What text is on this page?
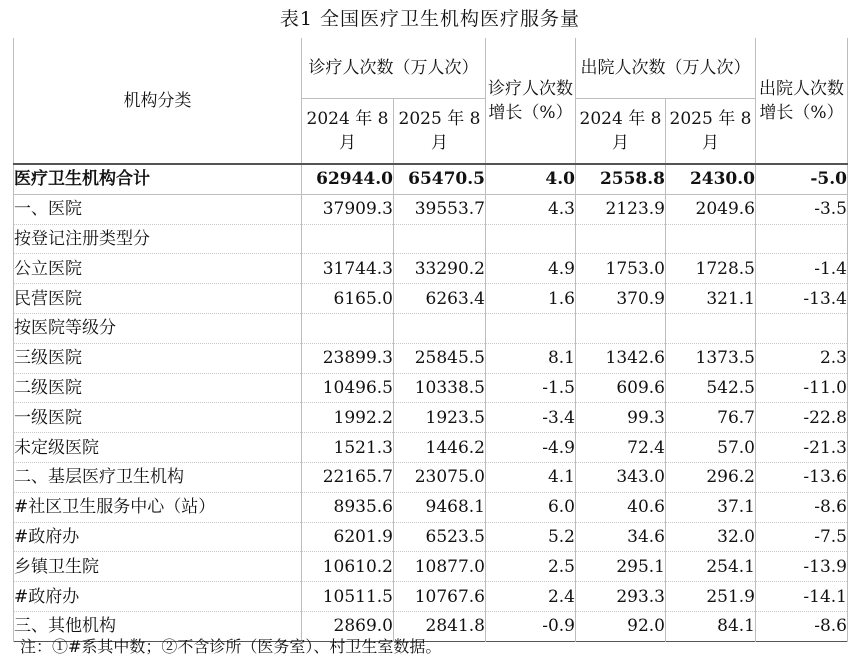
表1 全国医疗卫生机构医疗服务量
机构分类	诊疗人次数（万人次）		诊疗人次数增长（%）	出院人次数（万人次）		出院人次数增长（%）
	2024 年 8 月	2025 年 8 月		2024 年 8 月	2025 年 8 月	
医疗卫生机构合计	62944.0	65470.5	4.0	2558.8	2430.0	-5.0
一、医院	37909.3	39553.7	4.3	2123.9	2049.6	-3.5
按登记注册类型分						
公立医院	31744.3	33290.2	4.9	1753.0	1728.5	-1.4
民营医院	6165.0	6263.4	1.6	370.9	321.1	-13.4
按医院等级分						
三级医院	23899.3	25845.5	8.1	1342.6	1373.5	2.3
二级医院	10496.5	10338.5	-1.5	609.6	542.5	-11.0
一级医院	1992.2	1923.5	-3.4	99.3	76.7	-22.8
未定级医院	1521.3	1446.2	-4.9	72.4	57.0	-21.3
二、基层医疗卫生机构	22165.7	23075.0	4.1	343.0	296.2	-13.6
#社区卫生服务中心（站）	8935.6	9468.1	6.0	40.6	37.1	-8.6
#政府办	6201.9	6523.5	5.2	34.6	32.0	-7.5
乡镇卫生院	10610.2	10877.0	2.5	295.1	254.1	-13.9
#政府办	10511.5	10767.6	2.4	293.3	251.9	-14.1
三、其他机构	2869.0	2841.8	-0.9	92.0	84.1	-8.6
注：①#系其中数；②不含诊所（医务室）、村卫生室数据。
